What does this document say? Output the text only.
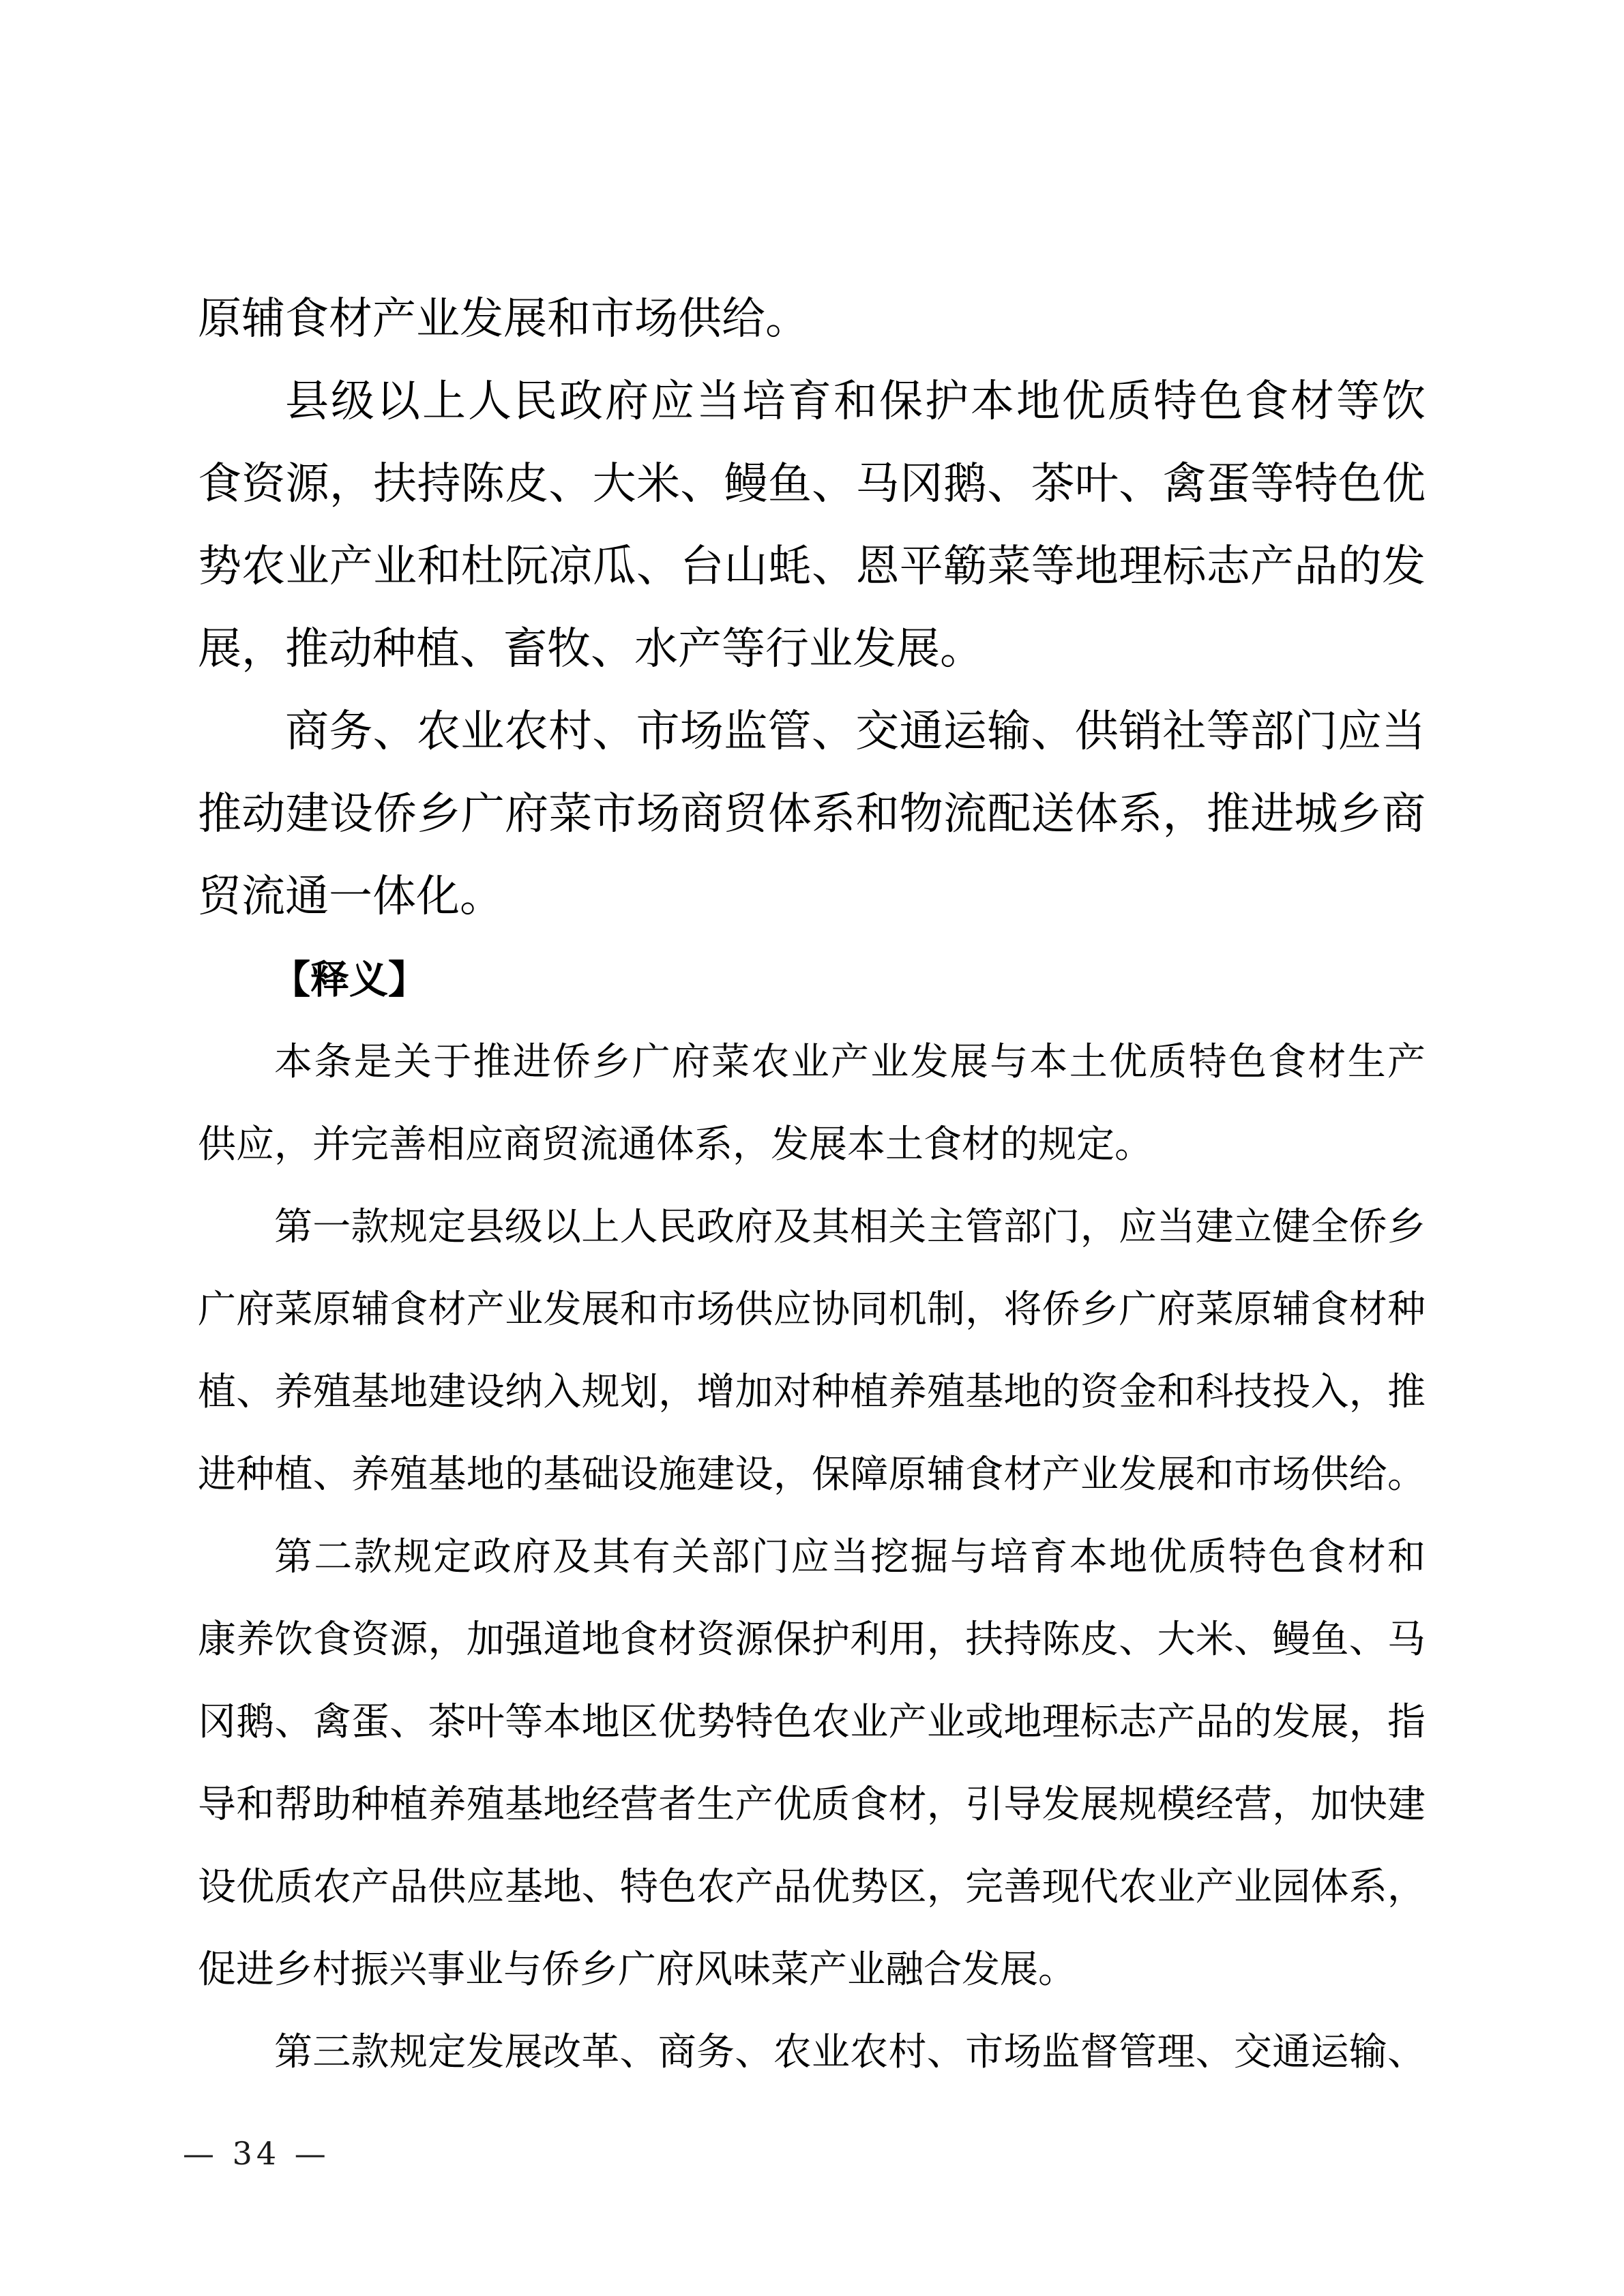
原辅食材产业发展和市场供给。

县级以上人民政府应当培育和保护本地优质特色食材等饮

食资源，扶持陈皮、大米、鳗鱼、马冈鹅、茶叶、禽蛋等特色优

势农业产业和杜阮凉瓜、台山蚝、恩平簕菜等地理标志产品的发

展，推动种植、畜牧、水产等行业发展。

商务、农业农村、市场监管、交通运输、供销社等部门应当

推动建设侨乡广府菜市场商贸体系和物流配送体系，推进城乡商

贸流通一体化。

【释义】

本条是关于推进侨乡广府菜农业产业发展与本土优质特色食材生产

供应，并完善相应商贸流通体系，发展本土食材的规定。

第一款规定县级以上人民政府及其相关主管部门，应当建立健全侨乡

广府菜原辅食材产业发展和市场供应协同机制，将侨乡广府菜原辅食材种

植、养殖基地建设纳入规划，增加对种植养殖基地的资金和科技投入，推

进种植、养殖基地的基础设施建设，保障原辅食材产业发展和市场供给。

第二款规定政府及其有关部门应当挖掘与培育本地优质特色食材和

康养饮食资源，加强道地食材资源保护利用，扶持陈皮、大米、鳗鱼、马

冈鹅、禽蛋、茶叶等本地区优势特色农业产业或地理标志产品的发展，指

导和帮助种植养殖基地经营者生产优质食材，引导发展规模经营，加快建

设优质农产品供应基地、特色农产品优势区，完善现代农业产业园体系，

促进乡村振兴事业与侨乡广府风味菜产业融合发展。

第三款规定发展改革、商务、农业农村、市场监督管理、交通运输、

— 34 —
